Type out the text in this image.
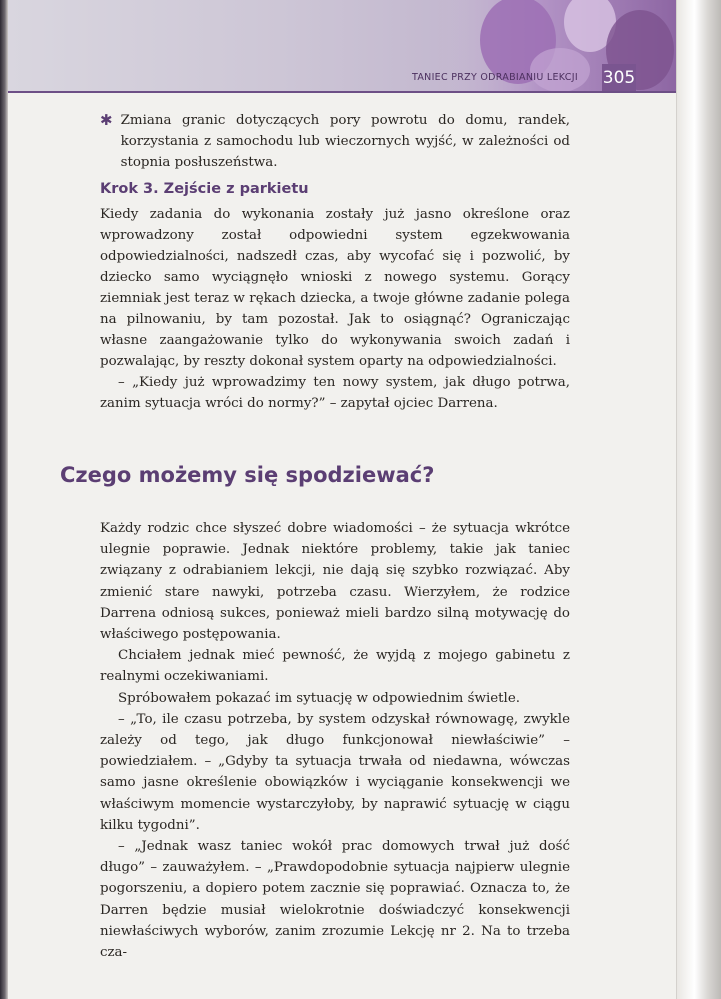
TANIEC PRZY ODRABIANIU LEKCJI 305
✱ Zmiana granic dotyczących pory powrotu do domu, randek, korzystania z samochodu lub wieczornych wyjść, w zależności od stopnia posłuszeństwa.
Krok 3. Zejście z parkietu

Kiedy zadania do wykonania zostały już jasno określone oraz wprowadzony został odpowiedni system egzekwowania odpowiedzialności, nadszedł czas, aby wycofać się i pozwolić, by dziecko samo wyciągnęło wnioski z nowego systemu. Gorący ziemniak jest teraz w rękach dziecka, a twoje główne zadanie polega na pilnowaniu, by tam pozostał. Jak to osiągnąć? Ograniczając własne zaangażowanie tylko do wykonywania swoich zadań i pozwalając, by reszty dokonał system oparty na odpowiedzialności.

– „Kiedy już wprowadzimy ten nowy system, jak długo potrwa, zanim sytuacja wróci do normy?” – zapytał ojciec Darrena.

Czego możemy się spodziewać?

Każdy rodzic chce słyszeć dobre wiadomości – że sytuacja wkrótce ulegnie poprawie. Jednak niektóre problemy, takie jak taniec związany z odrabianiem lekcji, nie dają się szybko rozwiązać. Aby zmienić stare nawyki, potrzeba czasu. Wierzyłem, że rodzice Darrena odniosą sukces, ponieważ mieli bardzo silną motywację do właściwego postępowania.

Chciałem jednak mieć pewność, że wyjdą z mojego gabinetu z realnymi oczekiwaniami.

Spróbowałem pokazać im sytuację w odpowiednim świetle.

– „To, ile czasu potrzeba, by system odzyskał równowagę, zwykle zależy od tego, jak długo funkcjonował niewłaściwie” – powiedziałem. – „Gdyby ta sytuacja trwała od niedawna, wówczas samo jasne określenie obowiązków i wyciąganie konsekwencji we właściwym momencie wystarczyłoby, by naprawić sytuację w ciągu kilku tygodni”.

– „Jednak wasz taniec wokół prac domowych trwał już dość długo” – zauważyłem. – „Prawdopodobnie sytuacja najpierw ulegnie pogorszeniu, a dopiero potem zacznie się poprawiać. Oznacza to, że Darren będzie musiał wielokrotnie doświadczyć konsekwencji niewłaściwych wyborów, zanim zrozumie Lekcję nr 2. Na to trzeba cza-
